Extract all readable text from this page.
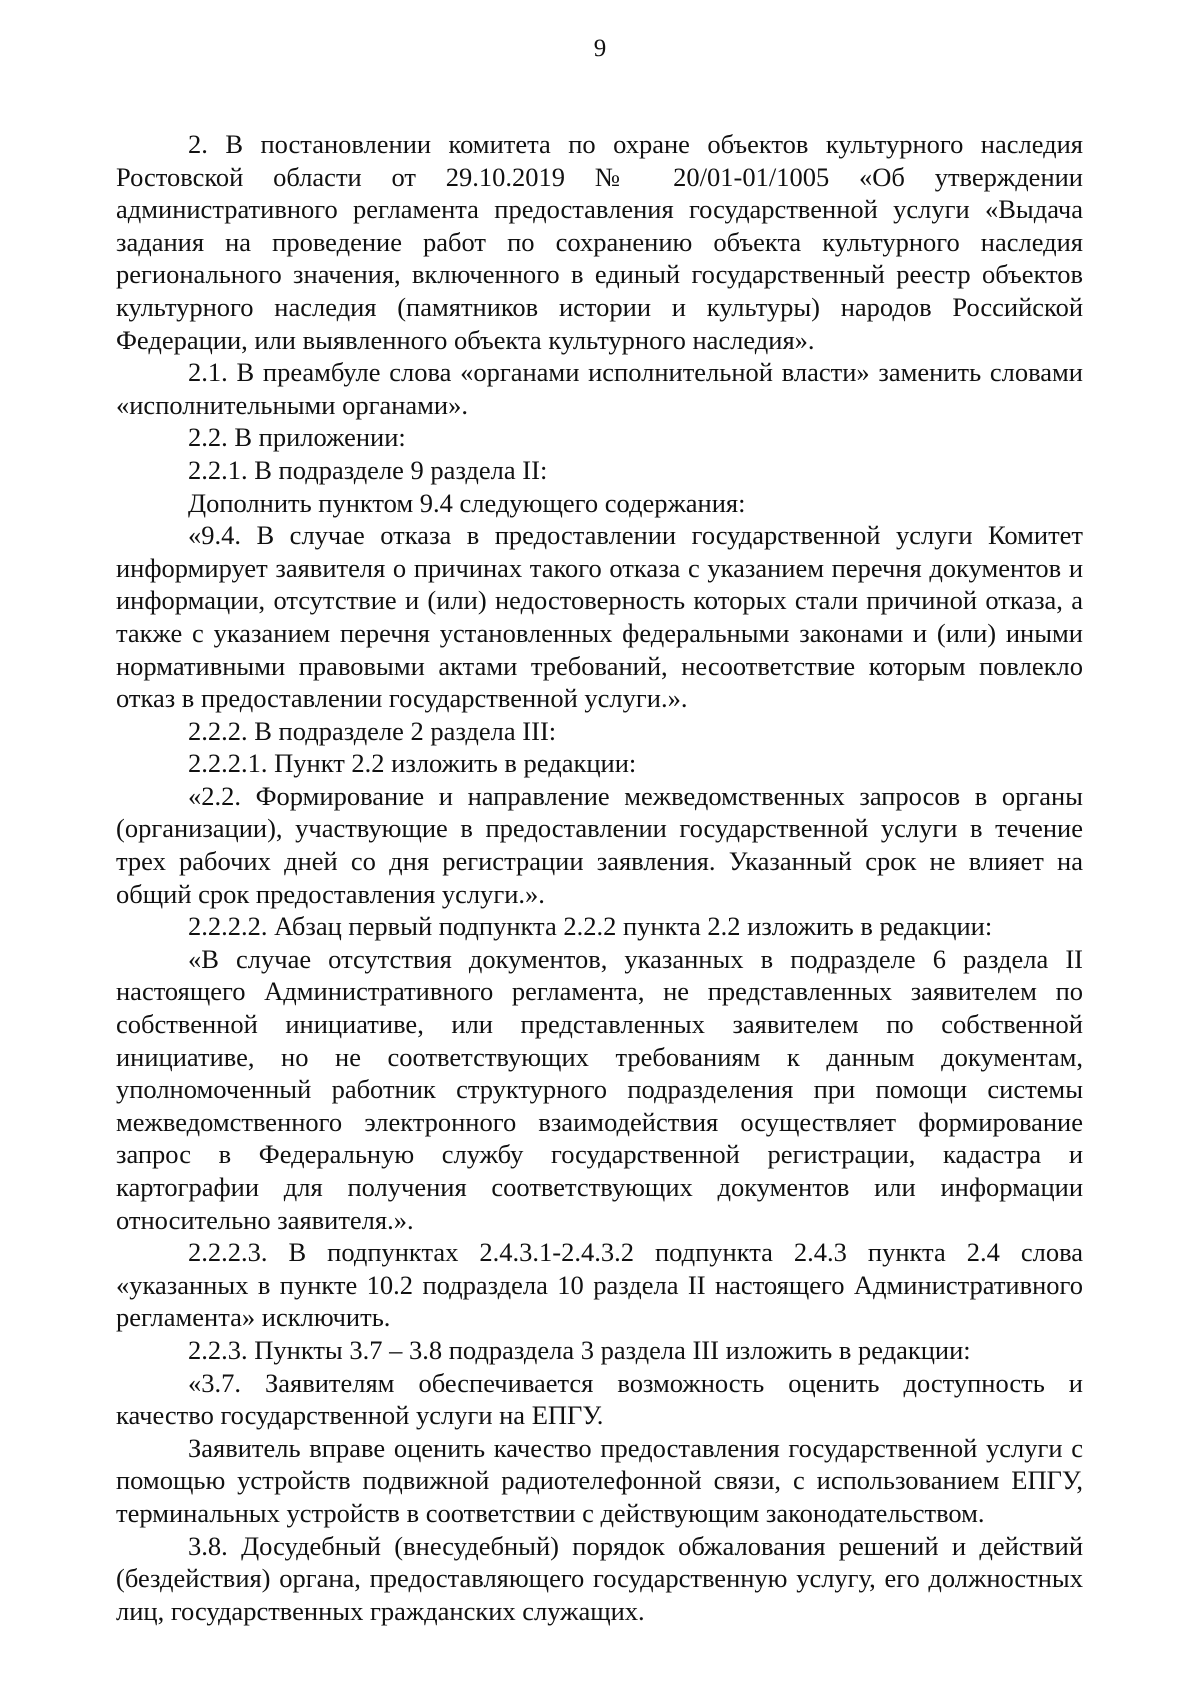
9

2. В постановлении комитета по охране объектов культурного наследия Ростовской области от 29.10.2019 № 20/01-01/1005 «Об утверждении административного регламента предоставления государственной услуги «Выдача задания на проведение работ по сохранению объекта культурного наследия регионального значения, включенного в единый государственный реестр объектов культурного наследия (памятников истории и культуры) народов Российской Федерации, или выявленного объекта культурного наследия».

2.1. В преамбуле слова «органами исполнительной власти» заменить словами «исполнительными органами».

2.2. В приложении:

2.2.1. В подразделе 9 раздела II:

Дополнить пунктом 9.4 следующего содержания:

«9.4. В случае отказа в предоставлении государственной услуги Комитет информирует заявителя о причинах такого отказа с указанием перечня документов и информации, отсутствие и (или) недостоверность которых стали причиной отказа, а также с указанием перечня установленных федеральными законами и (или) иными нормативными правовыми актами требований, несоответствие которым повлекло отказ в предоставлении государственной услуги.».

2.2.2. В подразделе 2 раздела III:

2.2.2.1. Пункт 2.2 изложить в редакции:

«2.2. Формирование и направление межведомственных запросов в органы (организации), участвующие в предоставлении государственной услуги в течение трех рабочих дней со дня регистрации заявления. Указанный срок не влияет на общий срок предоставления услуги.».

2.2.2.2. Абзац первый подпункта 2.2.2 пункта 2.2 изложить в редакции:

«В случае отсутствия документов, указанных в подразделе 6 раздела II настоящего Административного регламента, не представленных заявителем по собственной инициативе, или представленных заявителем по собственной инициативе, но не соответствующих требованиям к данным документам, уполномоченный работник структурного подразделения при помощи системы межведомственного электронного взаимодействия осуществляет формирование запрос в Федеральную службу государственной регистрации, кадастра и картографии для получения соответствующих документов или информации относительно заявителя.».

2.2.2.3. В подпунктах 2.4.3.1-2.4.3.2 подпункта 2.4.3 пункта 2.4 слова «указанных в пункте 10.2 подраздела 10 раздела II настоящего Административного регламента» исключить.

2.2.3. Пункты 3.7 – 3.8 подраздела 3 раздела III изложить в редакции:

«3.7. Заявителям обеспечивается возможность оценить доступность и качество государственной услуги на ЕПГУ.

Заявитель вправе оценить качество предоставления государственной услуги с помощью устройств подвижной радиотелефонной связи, с использованием ЕПГУ, терминальных устройств в соответствии с действующим законодательством.

3.8. Досудебный (внесудебный) порядок обжалования решений и действий (бездействия) органа, предоставляющего государственную услугу, его должностных лиц, государственных гражданских служащих.
